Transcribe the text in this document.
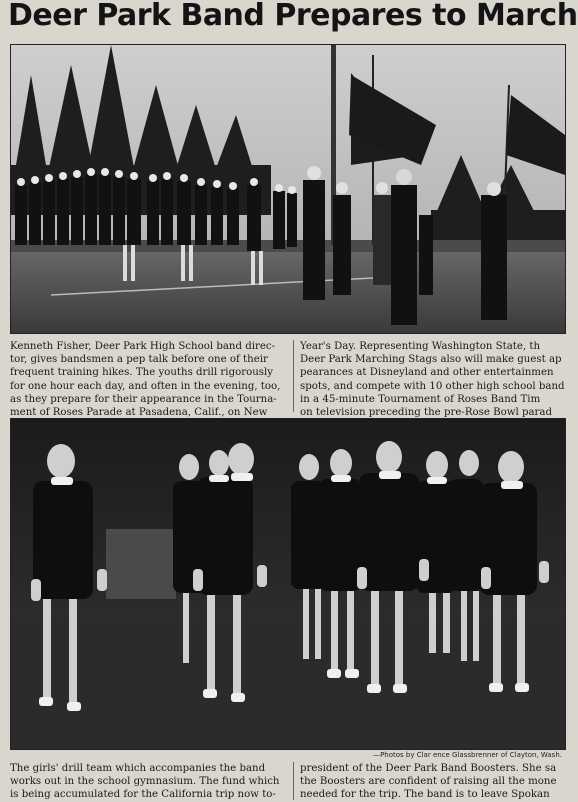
Deer Park Band Prepares to March
Kenneth Fisher, Deer Park High School band direc-
tor, gives bandsmen a pep talk before one of their
frequent training hikes. The youths drill rigorously
for one hour each day, and often in the evening, too,
as they prepare for their appearance in the Tourna-
ment of Roses Parade at Pasadena, Calif., on New
Year's Day. Representing Washington State, th
Deer Park Marching Stags also will make guest ap
pearances at Disneyland and other entertainmen
spots, and compete with 10 other high school band
in a 45-minute Tournament of Roses Band Tim
on television preceding the pre-Rose Bowl parad
—Photos by Clar ence Glassbrenner of Clayton, Wash.
The girls' drill team which accompanies the band
works out in the school gymnasium. The fund which
is being accumulated for the California trip now to-
president of the Deer Park Band Boosters. She sa
the Boosters are confident of raising all the mone
needed for the trip. The band is to leave Spokan
